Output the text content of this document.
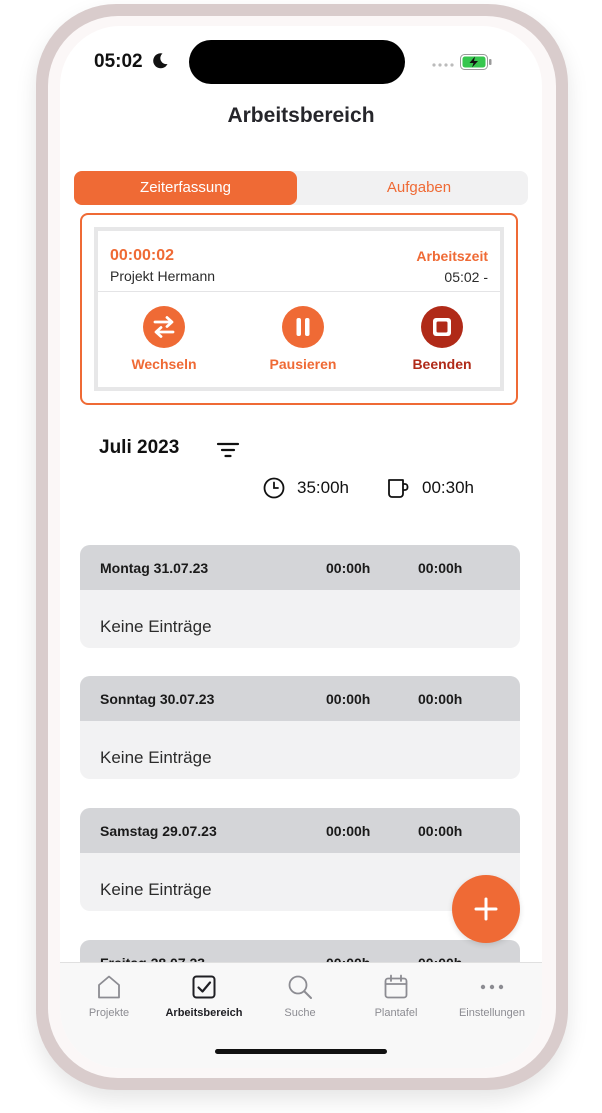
05:02
Arbeitsbereich
Zeiterfassung	Aufgaben
00:00:02
Projekt Hermann
Arbeitszeit
05:02 -
Wechseln	Pausieren	Beenden
Juli 2023
35:00h	00:30h
Montag 31.07.23	00:00h	00:00h
Keine Einträge
Sonntag 30.07.23	00:00h	00:00h
Keine Einträge
Samstag 29.07.23	00:00h	00:00h
Keine Einträge
Projekte	Arbeitsbereich	Suche	Plantafel	Einstellungen
